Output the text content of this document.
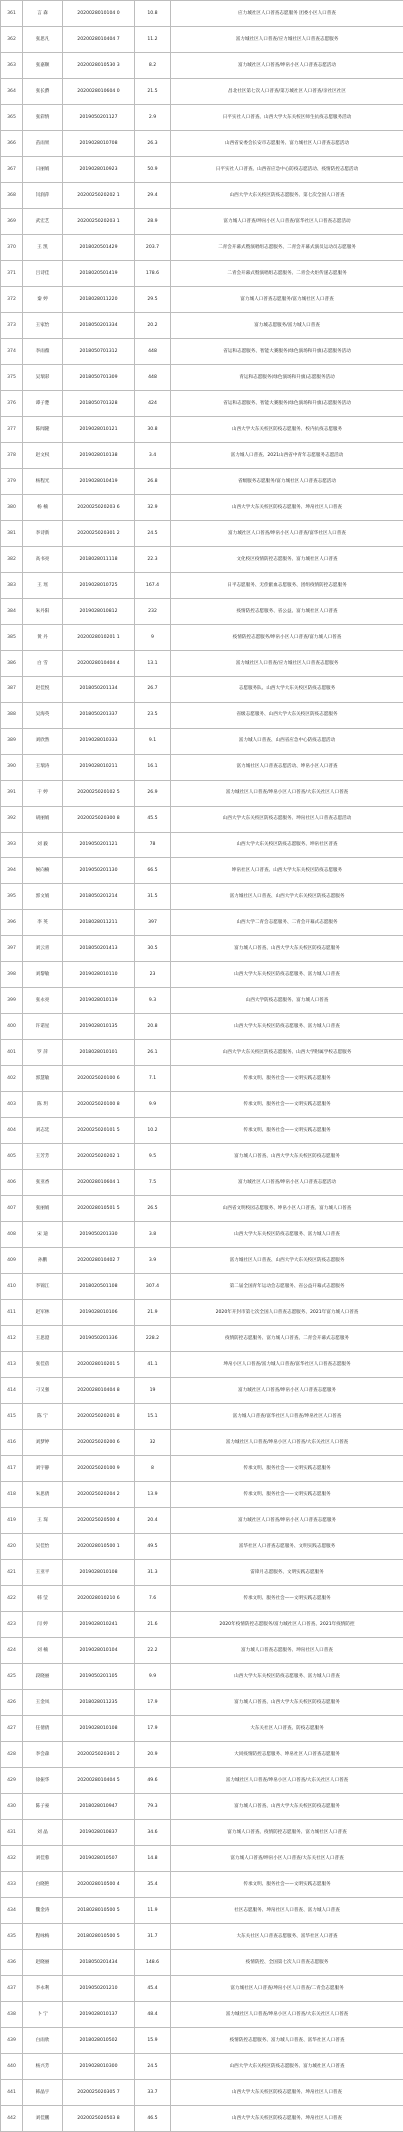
361	言 森	2020028010104 0	10.8	应力城社区人口普查志愿服务 团委小区人口普查
362	张思凡	2020028010404 7	11.2	富力城社区人口普查/应力城社区人口普查志愿服务
363	张嘉顺	2020028010530 3	8.2	富力城社区人口普查/坤帛小区人口普查志愿活动
364	张长爵	2020028010604 0	21.5	昌北社区第七次人口普查/第万城社区人口普查/亲社区社区
365	张彩情	2019050201127	2.9	日平实社人口普查、山西大学大东关校区师生抗疫志愿服务活动
366	苗雨果	2019028010708	26.3	山西省安委会长安市志愿服务、富力城社区人口普查志愿活动
367	日丽娟	2019028010923	50.9	日平实社人口普查、山西省应急中心防疫志愿活动、疫情防控志愿活动
368	闫润萍	2020025020202 1	29.4	山西大学大东关校区防疫志愿服务、第七次全国人口普查
369	武宏艺	2020025020203 1	28.9	富力城人口普查/坤帛小区人口普查/富华社区人口普查志愿活动
370	王 凯	2018020501429	203.7	二青会开幕式暨演唱组志愿服务、二青会开幕式演员运动员志愿服务
371	吕诗佳	2018020501419	178.6	二青会开幕式暨演唱组志愿服务、二青会火炬传递志愿服务
372	秦 婷	2018028011220	29.5	富力城人口普查志愿服务/富力城社区人口普查
373	王家怡	2018050201334	20.2	富力城志愿服务/富力城人口普查
374	李雨薇	2018050701312	448	省运和志愿服务、智能大赛服务(绿色演场和升旗)志愿服务活动
375	吴瑞彩	2018050701309	448	青运和志愿服务(绿色演场和升旗)志愿服务活动
376	谭子楚	2018050701328	424	省运和志愿服务、智能大赛服务(绿色演场和升旗)志愿服务活动
377	陈闻隆	2019028010121	30.8	山西大学大东关校区防疫志愿服务、校内抗疫志愿服务
378	赵文权	2019028010138	3.4	富力城人口普查、2021山西省中青年志愿服务志愿活动
379	杨程光	2019028010419	26.8	省级服务志愿服务/富力城社区人口普查志愿活动
380	杨 楠	2020025020203 6	32.9	山西大学大东关校区防疫志愿服务、坤帛社区人口普查
381	李诗新	2020025020301 2	24.5	富力城社区人口普查/坤帛小区人口普查/富华社区人口普查
382	高书亮	2018028011118	22.3	文化校区疫情防控志愿服务、富力城社区人口普查
383	王 瑶	2019028010725	167.4	日平志愿服务、无偿献血志愿服务、团组疫情防控志愿服务
384	朱丹阳	2019028010812	232	疫情防控志愿服务、省公益、富力城社区人口普查
385	黄 丹	2020028010201 1	9	疫情防控志愿服务/坤帛小区人口普查/富力城人口普查
386	白 雪	2020028010404 4	13.1	富力城社区人口普查/应力城社区人口普查志愿服务
387	赵佳悦	2018050201134	26.7	志愿服务队、山西大学大东关校区防疫志愿服务
388	吴海英	2018050201337	23.5	省级志愿服务、山西大学大东关校区防疫志愿服务
389	刘欣然	2019028010333	9.1	富力城人口普查、山西省应急中心防疫志愿活动
390	王瑞涛	2019028010211	16.1	富力城社区人口普查志愿活动、坤帛小区人口普查
391	干 婷	2020025020102 5	26.9	富力城社区人口普查/坤帛小区人口普查/大东关社区人口普查
392	胡丽娟	2020025020300 8	45.5	山西大学大东关校区防疫志愿服务、坤帛社区人口普查志愿活动
393	刘 毅	2019050201121	78	山西大学大东关校区防疫志愿服务、坤帛社区普查
394	候向楠	2019050201130	66.5	坤帛社区人口普查、山西大学大东关校区防疫志愿服务
395	郭文娟	2018050201214	31.5	富力城社区人口普查、山西大学大东关校区防疫志愿服务
396	李 英	2018028011211	397	山西大学二青会志愿服务、二青会开幕式志愿服务
397	刘云青	2018050201413	30.5	富力城人口普查、山西大学大东关校区防疫志愿服务
398	刘黎敏	2019028010110	23	山西大学大东关校区防疫志愿服务、富力城人口普查
399	张永亮	2019028010119	9.3	山西大学防疫志愿服务、富力城人口普查
400	许诺星	2019028010135	20.8	山西大学大东关校区防疫志愿服务、富力城人口普查
401	罗 萍	2018028010101	26.1	山西大学大东关校区防疫志愿服务、山西大学附属学校志愿服务
402	郭慧敏	2020025020100 6	7.1	传承文明、服务社会——文明实践志愿服务
403	陈 玥	2020025020100 8	9.9	传承文明、服务社会——文明实践志愿服务
404	刘志廷	2020025020101 5	10.2	传承文明、服务社会——文明实践志愿服务
405	王芳芳	2020025020202 1	9.5	富力城人口普查、山西大学大东关校区防疫志愿服务
406	张亚香	2020028010604 1	7.5	富力城社区人口普查/坤帛小区人口普查志愿活动
407	张丽娟	2020028010501 5	26.5	山西省文明校园志愿服务、坤帛小区人口普查、富力城人口普查
408	宋 迪	2019050201330	3.8	山西大学大东关校区防疫志愿服务、富力城人口普查
409	孙鹏	2020028010402 7	3.9	富力城社区人口普查、山西大学大东关校区防疫志愿服务
410	李锦江	2018020501108	307.4	第二届全国青年运动会志愿服务、省公益开幕式志愿服务
411	赵军林	2019028010106	21.9	2020年开封市第七次全国人口普查志愿服务、2021年富力城人口普查
412	王思澄	2019050201336	228.2	疫情防控志愿服务、富力城人口普查、二青会开幕式志愿服务
413	张佳蓓	2020028010201 5	41.1	坤帛小区人口普查/富力城人口普查/富华社区人口普查志愿服务
414	刁又强	2020028010404 8	19	富力城社区人口普查/坤帛小区人口普查志愿服务
415	陈 宁	2020025020201 8	15.1	富力城人口普查/富华社区人口普查/坤帛社区人口普查
416	刘梦婷	2020025020200 6	32	富力城社区人口普查/坤帛小区人口普查/大东关社区人口普查
417	刘宇静	2020025020100 9	8	传承文明、服务社会——文明实践志愿服务
418	朱思倩	2020025020204 2	13.9	传承文明、服务社会——文明实践志愿服务
419	王 琛	2020025020500 4	20.4	富力城社区人口普查/坤帛小区人口普查志愿服务
420	吴佳怡	2020028010500 1	49.5	富华社区人口普查志愿服务、文明实践志愿服务
421	王亚平	2019028010108	31.3	雷锋月志愿服务、文明实践志愿服务
422	韩 莹	2020028010210 6	7.6	传承文明、服务社会——文明实践志愿服务
423	闫 婷	2019028010241	21.6	2020年疫情防控志愿服务/富力城社区人口普查、2021年疫情防控
424	刘 楠	2019028010104	22.2	富力城人口普查志愿服务、坤帛社区人口普查
425	段晓丽	2019050201105	9.9	山西大学大东关校区防疫志愿服务、富力城人口普查
426	王金凤	2018028011235	17.9	富力城人口普查、山西大学大东关校区防疫志愿服务
427	任倩倩	2019028010108	17.9	大东关社区人口普查、防疫志愿服务
428	李会森	2020025020301 2	20.9	大同疫情防控志愿服务、坤帛社区人口普查志愿服务
429	徐振华	2020028010404 5	49.6	富力城社区人口普查/坤帛小区人口普查/大东关社区人口普查
430	陈子豪	2018028010947	79.3	富力城人口普查、山西大学大东关校区防疫志愿服务
431	刘 晶	2019028010837	34.6	富力城人口普查、疫情防控志愿服务、富力城社区人口普查
432	刘佳蓉	2019028010507	14.8	富力城人口普查/坤帛小区人口普查/大东关社区人口普查
433	白晓艳	2020028010500 4	35.4	传承文明、服务社会——文明实践志愿服务
434	魏金涛	2018028010500 5	11.9	社区志愿服务、坤帛社区人口普查、富力城人口普查
435	程咏梅	2018028010500 5	31.7	大东关社区人口普查志愿服务、富华社区人口普查
436	赵晓丽	2018050201434	148.6	疫情防控、全国第七次人口普查志愿服务
437	李永利	2019050201210	45.4	富力城社区人口普查/坤帛小区人口普查/二青会志愿服务
438	卜 宁	2019028010137	48.4	富力城社区人口普查/坤帛小区人口普查/大东关社区人口普查
439	白雨欣	2018028010502	15.9	疫情防控志愿服务、富力城人口普查、富华社区人口普查
440	杨兴芳	2019028010300	24.5	山西大学大东关校区防疫志愿服务、富力城社区人口普查
441	韩晶宇	2020025020305 7	33.7	山西大学大东关校区防疫志愿服务、坤帛社区人口普查
442	刘佳鹏	2020025020503 8	46.5	山西大学大东关校区防疫志愿服务、坤帛社区人口普查
